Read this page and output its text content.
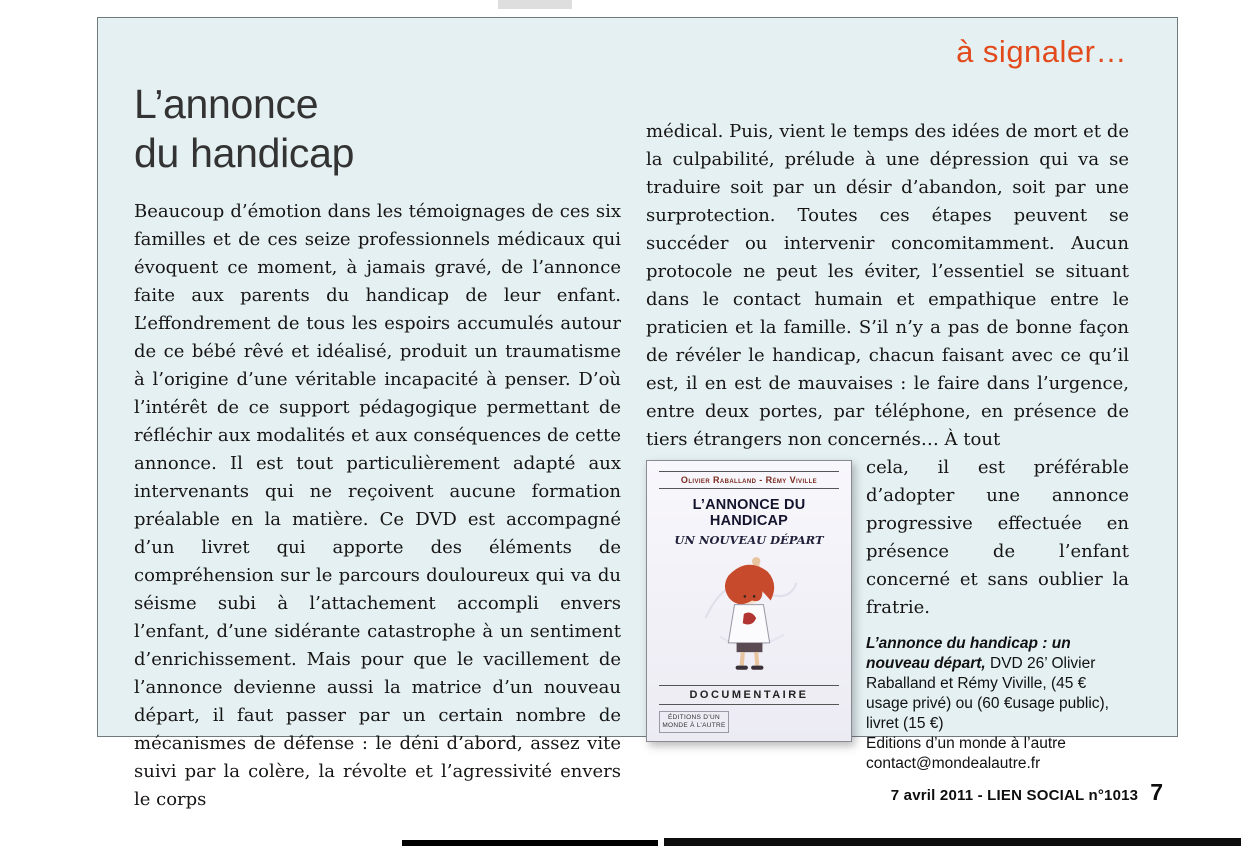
à signaler…
L’annonce
du handicap

Beaucoup d’émotion dans les témoignages de ces six familles et de ces seize professionnels médicaux qui évoquent ce moment, à jamais gravé, de l’annonce faite aux parents du handicap de leur enfant. L’effondrement de tous les espoirs accumulés autour de ce bébé rêvé et idéalisé, produit un traumatisme à l’origine d’une véritable incapacité à penser. D’où l’intérêt de ce support pédagogique permettant de réfléchir aux modalités et aux conséquences de cette annonce. Il est tout particulièrement adapté aux intervenants qui ne reçoivent aucune formation préalable en la matière. Ce DVD est accompagné d’un livret qui apporte des éléments de compréhension sur le parcours douloureux qui va du séisme subi à l’attachement accompli envers l’enfant, d’une sidérante catastrophe à un sentiment d’enrichissement. Mais pour que le vacillement de l’annonce devienne aussi la matrice d’un nouveau départ, il faut passer par un certain nombre de mécanismes de défense : le déni d’abord, assez vite suivi par la colère, la révolte et l’agressivité envers le corps

médical. Puis, vient le temps des idées de mort et de la culpabilité, prélude à une dépression qui va se traduire soit par un désir d’abandon, soit par une surprotection. Toutes ces étapes peuvent se succéder ou intervenir concomitamment. Aucun protocole ne peut les éviter, l’essentiel se situant dans le contact humain et empathique entre le praticien et la famille. S’il n’y a pas de bonne façon de révéler le handicap, chacun faisant avec ce qu’il est, il en est de mauvaises : le faire dans l’urgence, entre deux portes, par téléphone, en présence de tiers étrangers non concernés… À tout

Olivier Raballand - Rémy Viville
L’ANNONCE DU HANDICAP
UN NOUVEAU DÉPART
DOCUMENTAIRE
ÉDITIONS D’UN MONDE À L’AUTRE

cela, il est préférable d’adopter une annonce progressive effectuée en présence de l’enfant concerné et sans oublier la fratrie.

L’annonce du handicap : un nouveau départ, DVD 26’ Olivier Raballand et Rémy Viville, (45 € usage privé) ou (60 €usage public), livret (15 €)

Editions d’un monde à l’autre

contact@mondealautre.fr

7 avril 2011 - LIEN SOCIAL n°1013 7
